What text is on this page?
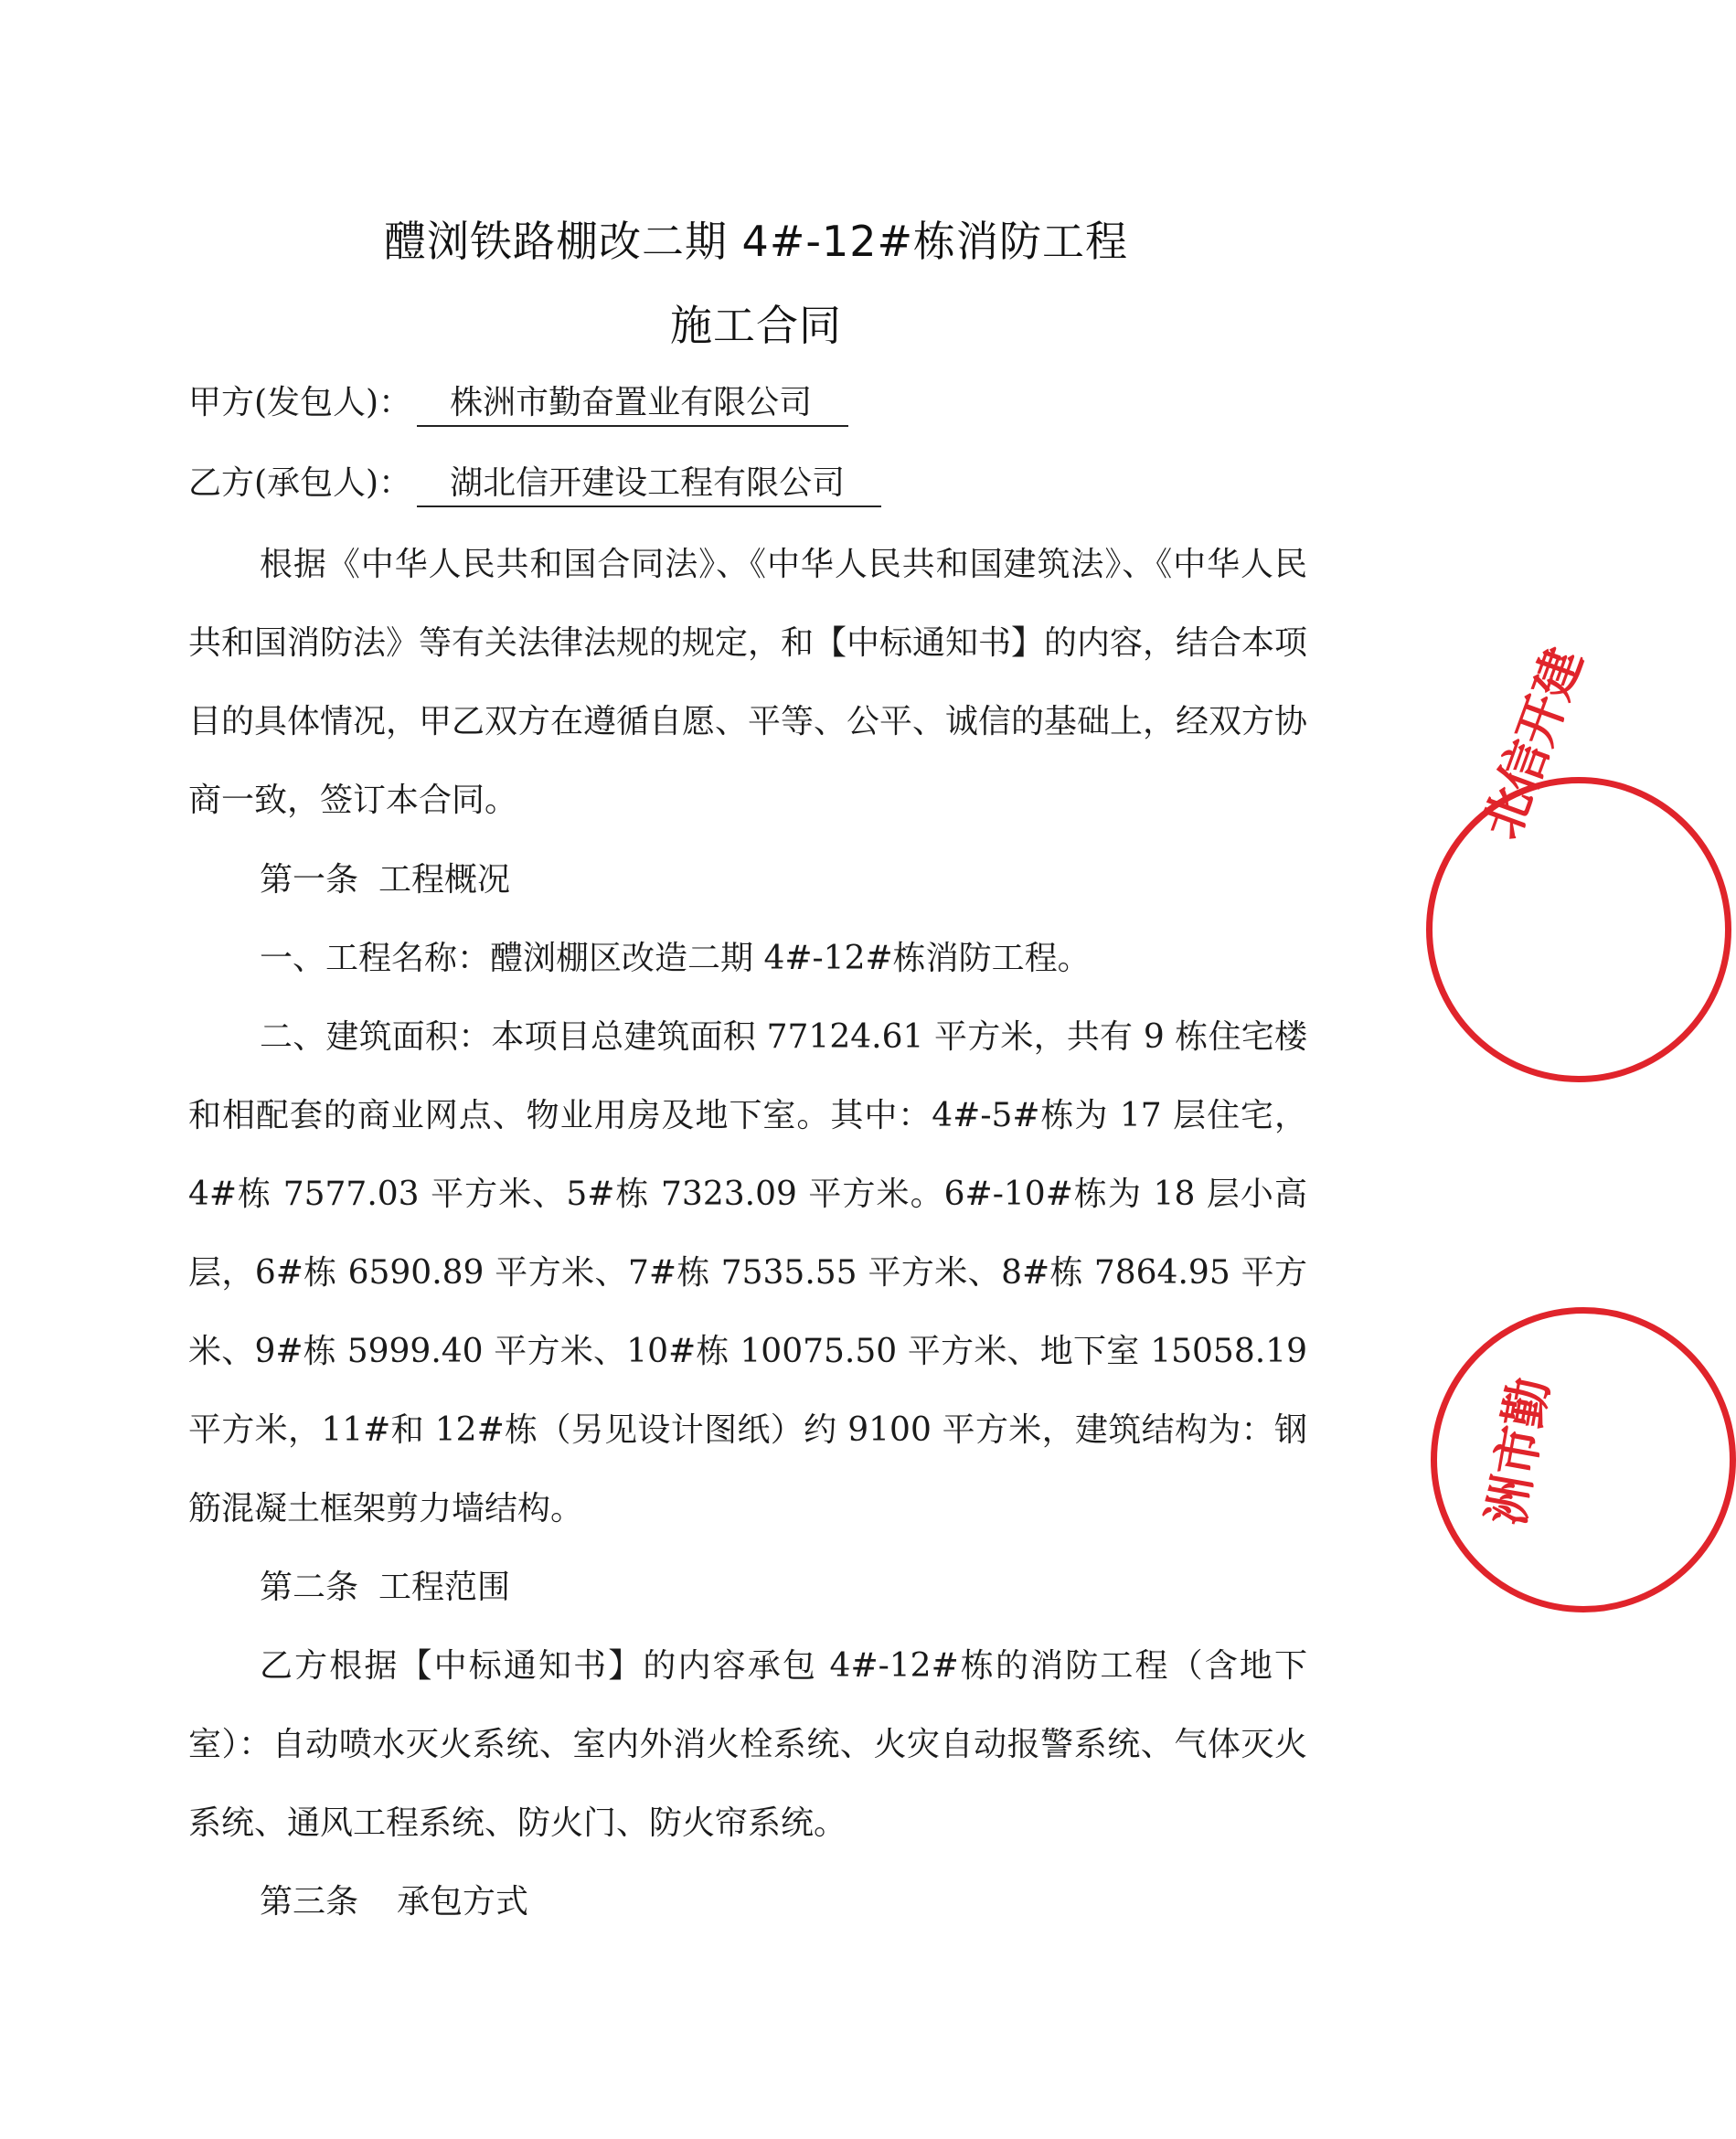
醴浏铁路棚改二期 4#-12#栋消防工程
施工合同
甲方(发包人)： 株洲市勤奋置业有限公司
乙方(承包人)： 湖北信开建设工程有限公司
根据《中华人民共和国合同法》、《中华人民共和国建筑法》、《中华人民共和国消防法》等有关法律法规的规定，和【中标通知书】的内容，结合本项目的具体情况，甲乙双方在遵循自愿、平等、公平、诚信的基础上，经双方协商一致，签订本合同。
第一条 工程概况
一、工程名称：醴浏棚区改造二期 4#-12#栋消防工程。
二、建筑面积：本项目总建筑面积 77124.61 平方米，共有 9 栋住宅楼和相配套的商业网点、物业用房及地下室。其中：4#-5#栋为 17 层住宅， 4#栋 7577.03 平方米、5#栋 7323.09 平方米。6#-10#栋为 18 层小高层，6#栋 6590.89 平方米、7#栋 7535.55 平方米、8#栋 7864.95 平方米、9#栋 5999.40 平方米、10#栋 10075.50 平方米、地下室 15058.19 平方米，11#和 12#栋（另见设计图纸）约 9100 平方米，建筑结构为：钢筋混凝土框架剪力墙结构。
第二条 工程范围
乙方根据【中标通知书】的内容承包 4#-12#栋的消防工程（含地下室）：自动喷水灭火系统、室内外消火栓系统、火灾自动报警系统、气体灭火系统、通风工程系统、防火门、防火帘系统。
第三条 承包方式
北信开建
洲市勤
